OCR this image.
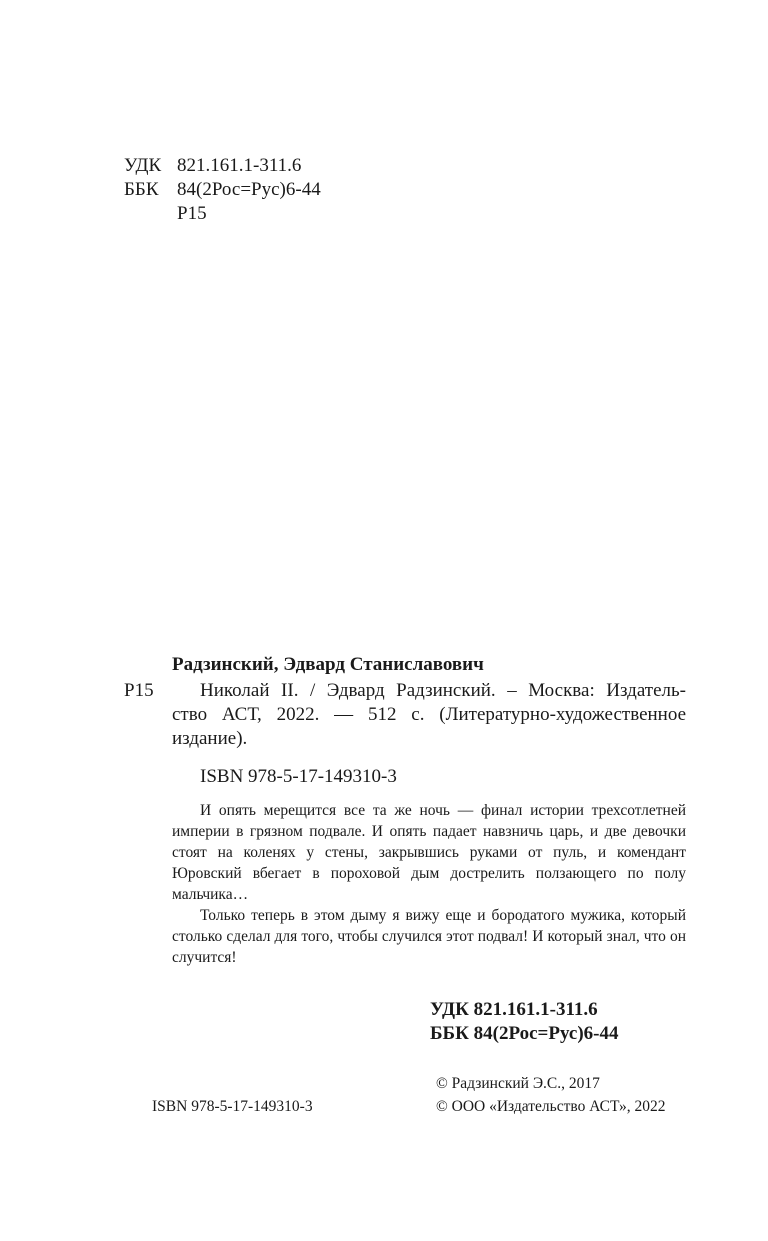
УДК 821.161.1-311.6
ББК 84(2Рос=Рус)6-44
Р15
Радзинский, Эдвард Станиславович
Р15 Николай II. / Эдвард Радзинский. – Москва: Издатель-
ство АСТ, 2022. — 512 с. (Литературно-художественное
издание).
ISBN 978-5-17-149310-3

И опять мерещится все та же ночь — финал истории трехсотлетней империи в грязном подвале. И опять падает навзничь царь, и две девочки стоят на коленях у стены, закрывшись руками от пуль, и комендант Юровский вбегает в пороховой дым дострелить ползающего по полу мальчика…

Только теперь в этом дыму я вижу еще и бородатого мужика, который столько сделал для того, чтобы случился этот подвал! И который знал, что он случится!

УДК 821.161.1-311.6
ББК 84(2Рос=Рус)6-44
© Радзинский Э.С., 2017
ISBN 978-5-17-149310-3	© ООО «Издательство АСТ», 2022
